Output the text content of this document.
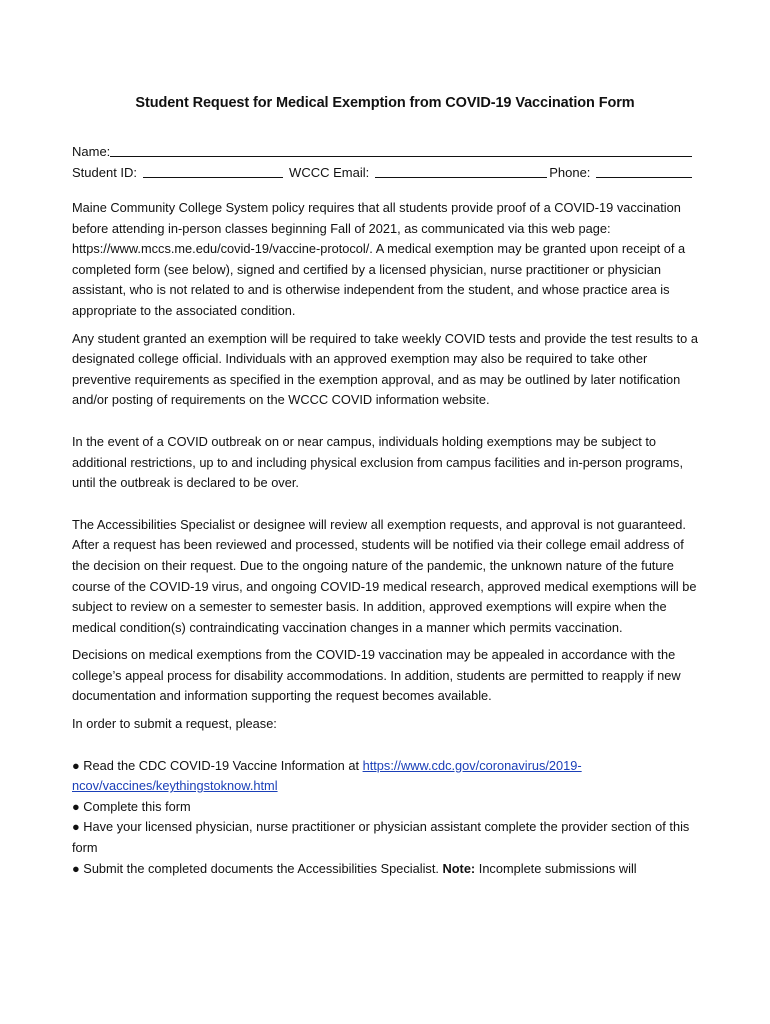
Student Request for Medical Exemption from COVID-19 Vaccination Form
Name:
Student ID:	WCCC Email:	Phone:

Maine Community College System policy requires that all students provide proof of a COVID-19 vaccination before attending in-person classes beginning Fall of 2021, as communicated via this web page: https://www.mccs.me.edu/covid-19/vaccine-protocol/. A medical exemption may be granted upon receipt of a completed form (see below), signed and certified by a licensed physician, nurse practitioner or physician assistant, who is not related to and is otherwise independent from the student, and whose practice area is appropriate to the associated condition.

Any student granted an exemption will be required to take weekly COVID tests and provide the test results to a designated college official. Individuals with an approved exemption may also be required to take other preventive requirements as specified in the exemption approval, and as may be outlined by later notification and/or posting of requirements on the WCCC COVID information website.

In the event of a COVID outbreak on or near campus, individuals holding exemptions may be subject to additional restrictions, up to and including physical exclusion from campus facilities and in-person programs, until the outbreak is declared to be over.

The Accessibilities Specialist or designee will review all exemption requests, and approval is not guaranteed. After a request has been reviewed and processed, students will be notified via their college email address of the decision on their request. Due to the ongoing nature of the pandemic, the unknown nature of the future course of the COVID-19 virus, and ongoing COVID-19 medical research, approved medical exemptions will be subject to review on a semester to semester basis. In addition, approved exemptions will expire when the medical condition(s) contraindicating vaccination changes in a manner which permits vaccination.

Decisions on medical exemptions from the COVID-19 vaccination may be appealed in accordance with the college’s appeal process for disability accommodations. In addition, students are permitted to reapply if new documentation and information supporting the request becomes available.

In order to submit a request, please:

● Read the CDC COVID-19 Vaccine Information at https://www.cdc.gov/coronavirus/2019-ncov/vaccines/keythingstoknow.html
● Complete this form
● Have your licensed physician, nurse practitioner or physician assistant complete the provider section of this form
● Submit the completed documents the Accessibilities Specialist. Note: Incomplete submissions will
